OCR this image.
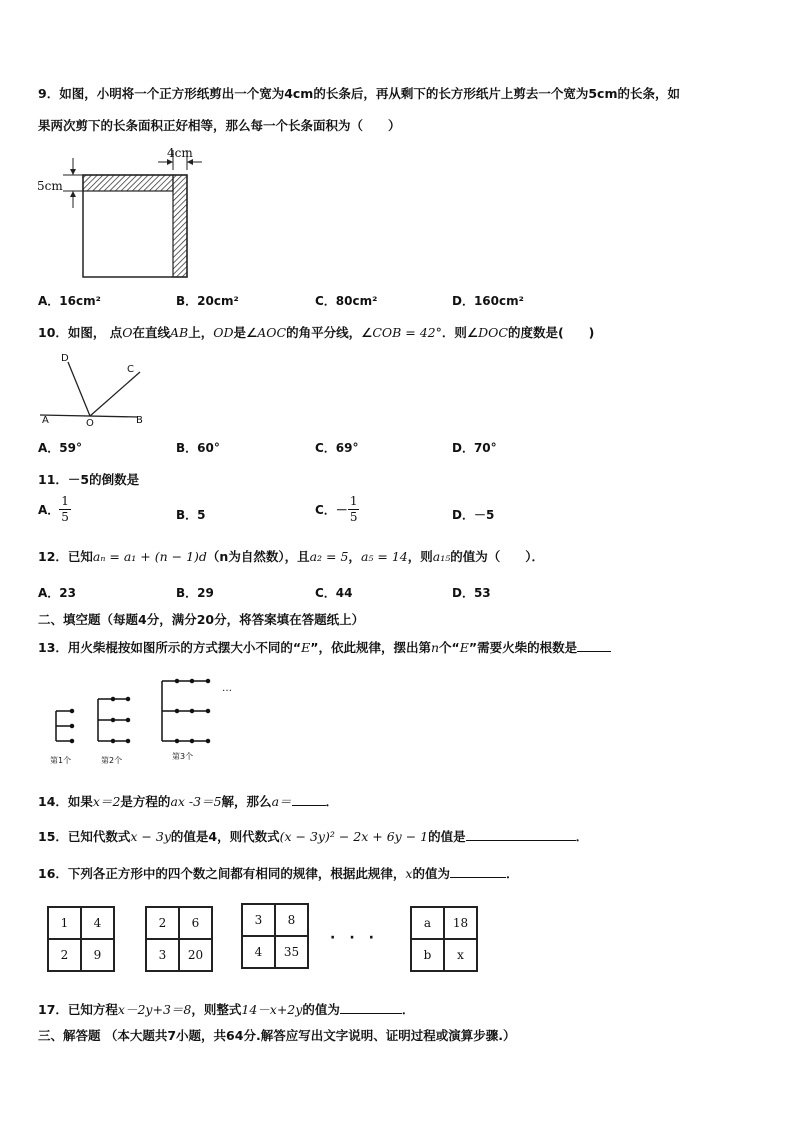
9．如图，小明将一个正方形纸剪出一个宽为4cm的长条后，再从剩下的长方形纸片上剪去一个宽为5cm的长条，如
果两次剪下的长条面积正好相等，那么每一个长条面积为（　　）
4cm
5cm
A．16cm²	B．20cm²	C．80cm²	D．160cm²
10．如图， 点O在直线AB上，OD是∠AOC的角平分线，∠COB = 42°．则∠DOC的度数是(　　)
D
C
A	O	B
A．59°	B．60°	C．69°	D．70°
11．－5的倒数是
A． $\frac{1}{5}$	B．5	C．－ $\frac{1}{5}$	D．－5
12．已知aₙ = a₁ + (n − 1)d（n为自然数），且a₂ = 5，a₅ = 14，则a₁₅的值为（　　）．
A．23	B．29	C．44	D．53
二、填空题（每题4分，满分20分，将答案填在答题纸上）
13．用火柴棍按如图所示的方式摆大小不同的“E”，依此规律，摆出第n个“E”需要火柴的根数是
…
第1个	第2个	第3个
14．如果x＝2是方程的ax -3＝5解，那么a＝	．
15．已知代数式x − 3y的值是4，则代数式(x − 3y)² − 2x + 6y − 1的值是	．
16．下列各正方形中的四个数之间都有相同的规律，根据此规律，x的值为	．
1	4
2	9
2	6
3	20
3	8
4	35
·　·　·
a	18
b	x
17．已知方程x－2y+3＝8，则整式14－x+2y的值为	．
三、解答题 （本大题共7小题，共64分.解答应写出文字说明、证明过程或演算步骤.）
